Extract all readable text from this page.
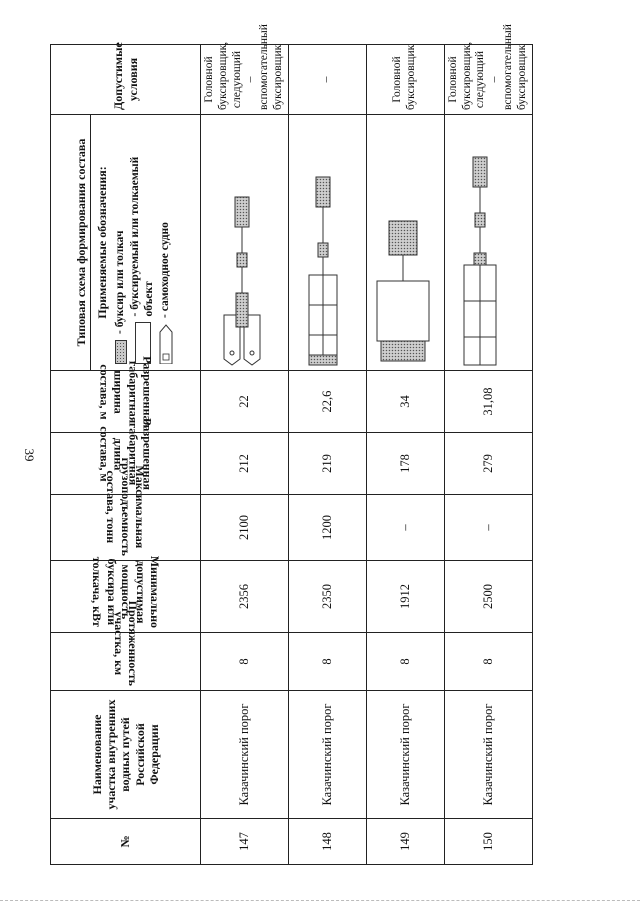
39
№	Наименование участка внутренних водных путей Российской Федерации	Протяженность участка, км	Минимально допустимая мощность буксира или толкача, кВт	Максимальная грузоподъемность состава, тонн	Разрешенная габаритная длина состава, м	Разрешенная габаритная ширина состава, м	Типовая схема формирования состава Применяемые обозначения: - буксир или толкач - буксируемый или толкаемый объект - самоходное судно	Допустимые условия
147	Казачинский порог	8	2356	2100	212	22		Головной буксировщик, следующий – вспомогательный буксировщик
148	Казачинский порог	8	2350	1200	219	22,6		–
149	Казачинский порог	8	1912	–	178	34		Головной буксировщик
150	Казачинский порог	8	2500	–	279	31,08		Головной буксировщик, следующий – вспомогательный буксировщик
